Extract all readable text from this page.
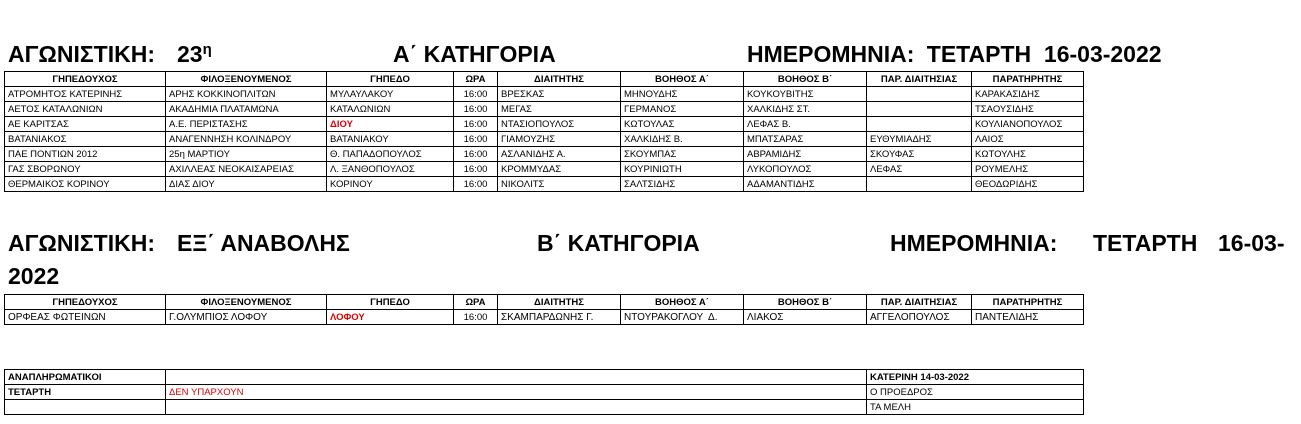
ΑΓΩΝΙΣΤΙΚΗ: $23^\eta$	Α΄ ΚΑΤΗΓΟΡΙΑ	ΗΜΕΡΟΜΗΝΙΑ: ΤΕΤΑΡΤΗ  16-03-2022
ΓΗΠΕΔΟΥΧΟΣ	ΦΙΛΟΞΕΝΟΥΜΕΝΟΣ	ΓΗΠΕΔΟ	ΩΡΑ	ΔΙΑΙΤΗΤΗΣ	ΒΟΗΘΟΣ Α΄	ΒΟΗΘΟΣ Β΄	ΠΑΡ. ΔΙΑΙΤΗΣΙΑΣ	ΠΑΡΑΤΗΡΗΤΗΣ
ΑΤΡΟΜΗΤΟΣ ΚΑΤΕΡΙΝΗΣ	ΑΡΗΣ ΚΟΚΚΙΝΟΠΛΙΤΩΝ	ΜΥΛΑΥΛΑΚΟΥ	16:00	ΒΡΕΣΚΑΣ	ΜΗΝΟΥΔΗΣ	ΚΟΥΚΟΥΒΙΤΗΣ		ΚΑΡΑΚΑΣΙΔΗΣ
ΑΕΤΟΣ ΚΑΤΑΛΩΝΙΩΝ	ΑΚΑΔΗΜΙΑ ΠΛΑΤΑΜΩΝΑ	ΚΑΤΑΛΩΝΙΩΝ	16:00	ΜΕΓΑΣ	ΓΕΡΜΑΝΟΣ	ΧΑΛΚΙΔΗΣ ΣΤ.		ΤΣΑΟΥΣΙΔΗΣ
ΑΕ ΚΑΡΙΤΣΑΣ	Α.Ε. ΠΕΡΙΣΤΑΣΗΣ	ΔΙΟΥ	16:00	ΝΤΑΣΙΟΠΟΥΛΟΣ	ΚΩΤΟΥΛΑΣ	ΛΕΦΑΣ Β.		ΚΟΥΛΙΑΝΟΠΟΥΛΟΣ
ΒΑΤΑΝΙΑΚΟΣ	ΑΝΑΓΕΝΝΗΣΗ ΚΟΛΙΝΔΡΟΥ	ΒΑΤΑΝΙΑΚΟΥ	16:00	ΓΙΑΜΟΥΖΗΣ	ΧΑΛΚΙΔΗΣ Β.	ΜΠΑΤΣΑΡΑΣ	ΕΥΘΥΜΙΑΔΗΣ	ΛΑΙΟΣ
ΠΑΕ ΠΟΝΤΙΩΝ 2012	25η ΜΑΡΤΙΟΥ	Θ. ΠΑΠΑΔΟΠΟΥΛΟΣ	16:00	ΑΣΛΑΝΙΔΗΣ Α.	ΣΚΟΥΜΠΑΣ	ΑΒΡΑΜΙΔΗΣ	ΣΚΟΥΦΑΣ	ΚΩΤΟΥΛΗΣ
ΓΑΣ ΣΒΟΡΩΝΟΥ	ΑΧΙΛΛΕΑΣ ΝΕΟΚΑΙΣΑΡΕΙΑΣ	Λ. ΞΑΝΘΟΠΟΥΛΟΣ	16:00	ΚΡΟΜΜΥΔΑΣ	ΚΟΥΡΙΝΙΩΤΗ	ΛΥΚΟΠΟΥΛΟΣ	ΛΕΦΑΣ	ΡΟΥΜΕΛΗΣ
ΘΕΡΜΑΙΚΟΣ ΚΟΡΙΝΟΥ	ΔΙΑΣ ΔΙΟΥ	ΚΟΡΙΝΟΥ	16:00	ΝΙΚΟΛΙΤΣ	ΣΑΛΤΣΙΔΗΣ	ΑΔΑΜΑΝΤΙΔΗΣ		ΘΕΟΔΩΡΙΔΗΣ
ΑΓΩΝΙΣΤΙΚΗ: ΕΞ΄ ΑΝΑΒΟΛΗΣ	Β΄ ΚΑΤΗΓΟΡΙΑ	ΗΜΕΡΟΜΗΝΙΑ: ΤΕΤΑΡΤΗ 16-03-
2022
ΓΗΠΕΔΟΥΧΟΣ	ΦΙΛΟΞΕΝΟΥΜΕΝΟΣ	ΓΗΠΕΔΟ	ΩΡΑ	ΔΙΑΙΤΗΤΗΣ	ΒΟΗΘΟΣ Α΄	ΒΟΗΘΟΣ Β΄	ΠΑΡ. ΔΙΑΙΤΗΣΙΑΣ	ΠΑΡΑΤΗΡΗΤΗΣ
ΟΡΦΕΑΣ ΦΩΤΕΙΝΩΝ	Γ.ΟΛΥΜΠΙΟΣ ΛΟΦΟΥ	ΛΟΦΟΥ	16:00	ΣΚΑΜΠΑΡΔΩΝΗΣ Γ.	ΝΤΟΥΡΑΚΟΓΛΟΥ  Δ.	ΛΙΑΚΟΣ	ΑΓΓΕΛΟΠΟΥΛΟΣ	ΠΑΝΤΕΛΙΔΗΣ
ΑΝΑΠΛΗΡΩΜΑΤΙΚΟΙ		ΚΑΤΕΡΙΝΗ 14-03-2022
ΤΕΤΑΡΤΗ	ΔΕΝ ΥΠΑΡΧΟΥΝ	Ο ΠΡΟΕΔΡΟΣ
		ΤΑ ΜΕΛΗ
